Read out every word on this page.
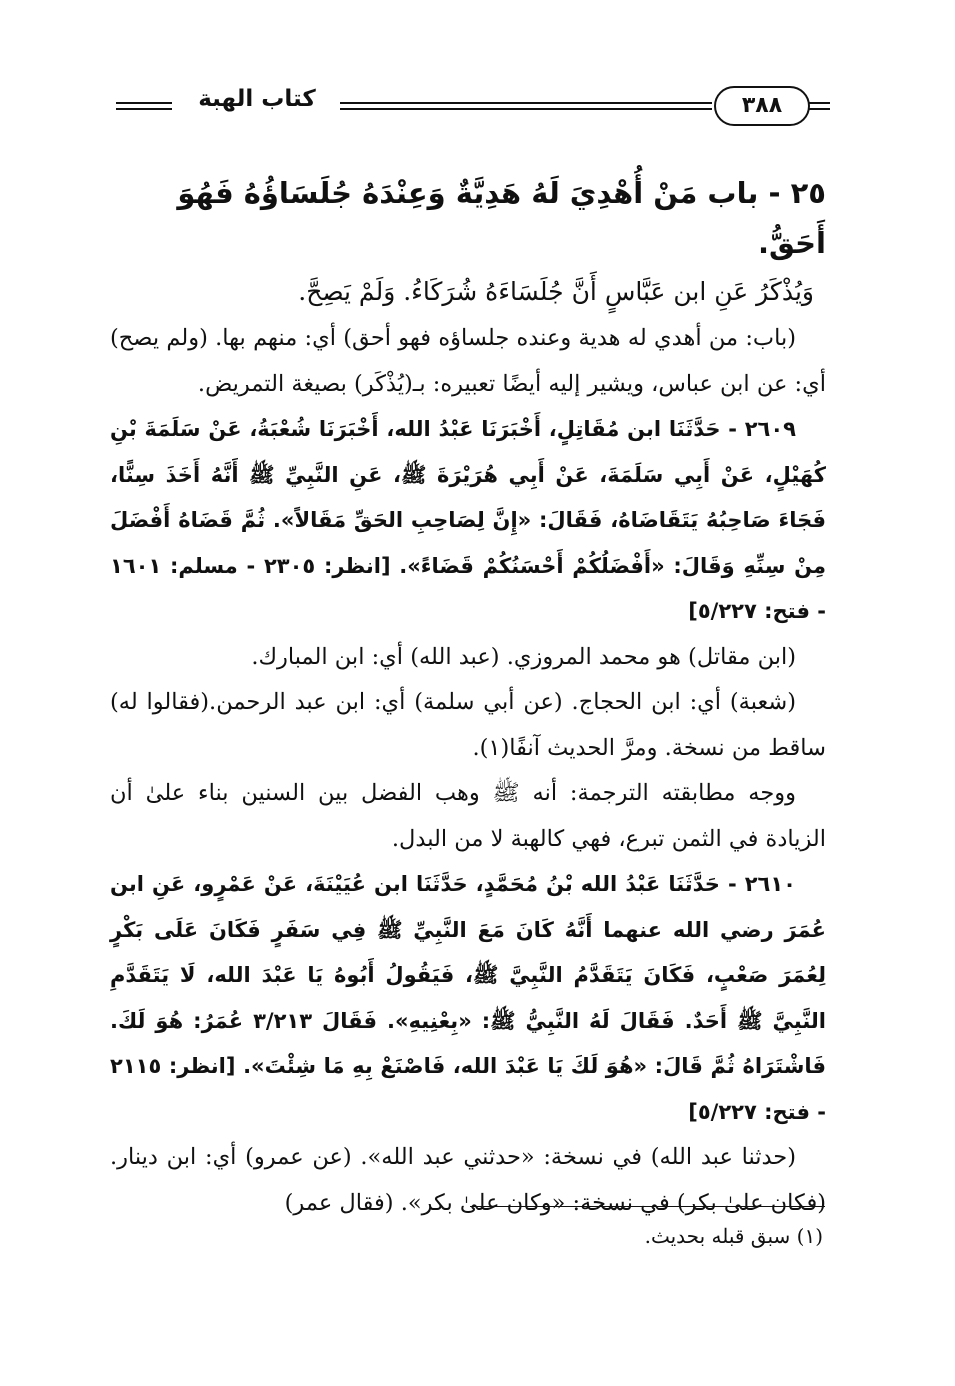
كتاب الهبة	٣٨٨

٢٥ - باب مَنْ أُهْدِيَ لَهُ هَدِيَّةٌ وَعِنْدَهُ جُلَسَاؤُهُ فَهُوَ أَحَقُّ.

وَيُذْكَرُ عَنِ ابن عَبَّاسٍ أَنَّ جُلَسَاءَهُ شُرَكَاءُ. وَلَمْ يَصِحَّ.

(باب: من أهدي له هدية وعنده جلساؤه فهو أحق) أي: منهم بها. (ولم يصح) أي: عن ابن عباس، ويشير إليه أيضًا تعبيره: بـ(يُذْكَر) بصيغة التمريض.

٢٦٠٩ - حَدَّثَنَا ابن مُقَاتِلٍ، أَخْبَرَنَا عَبْدُ الله، أَخْبَرَنَا شُعْبَةُ، عَنْ سَلَمَةَ بْنِ كُهَيْلٍ، عَنْ أَبِي سَلَمَةَ، عَنْ أَبِي هُرَيْرَةَ ﷺ، عَنِ النَّبِيِّ ﷺ أَنَّهُ أَخَذَ سِنًّا، فَجَاءَ صَاحِبُهُ يَتَقَاضَاهُ، فَقَالَ: «إِنَّ لِصَاحِبِ الحَقِّ مَقَالاً». ثُمَّ قَضَاهُ أَفْضَلَ مِنْ سِنِّهِ وَقَالَ: «أَفْضَلُكُمْ أَحْسَنُكُمْ قَضَاءً». [انظر: ٢٣٠٥ - مسلم: ١٦٠١ - فتح: ٥/٢٢٧]

(ابن مقاتل) هو محمد المروزي. (عبد الله) أي: ابن المبارك.

(شعبة) أي: ابن الحجاج. (عن أبي سلمة) أي: ابن عبد الرحمن.(فقالوا له) ساقط من نسخة. ومرَّ الحديث آنفًا(١).

ووجه مطابقته الترجمة: أنه ﷺ وهب الفضل بين السنين بناء علىٰ أن الزيادة في الثمن تبرع، فهي كالهبة لا من البدل.

٢٦١٠ - حَدَّثَنَا عَبْدُ الله بْنُ مُحَمَّدٍ، حَدَّثَنَا ابن عُيَيْنَةَ، عَنْ عَمْرٍو، عَنِ ابن عُمَرَ رضي الله عنهما أَنَّهُ كَانَ مَعَ النَّبِيِّ ﷺ فِي سَفَرٍ فَكَانَ عَلَى بَكْرٍ لِعُمَرَ صَعْبٍ، فَكَانَ يَتَقَدَّمُ النَّبِيَّ ﷺ، فَيَقُولُ أَبُوهُ يَا عَبْدَ الله، لَا يَتَقَدَّمِ النَّبِيَّ ﷺ أَحَدٌ. فَقَالَ لَهُ النَّبِيُّ ﷺ: «بِعْنِيهِ». فَقَالَ ٣/٢١٣ عُمَرُ: هُوَ لَكَ. فَاشْتَرَاهُ ثُمَّ قَالَ: «هُوَ لَكَ يَا عَبْدَ الله، فَاصْنَعْ بِهِ مَا شِئْتَ». [انظر: ٢١١٥ - فتح: ٥/٢٢٧]

(حدثنا عبد الله) في نسخة: «حدثني عبد الله». (عن عمرو) أي: ابن دينار. (فكان علىٰ بكر) في نسخة: «وكان علىٰ بكر». (فقال عمر)

(١) سبق قبله بحديث.
